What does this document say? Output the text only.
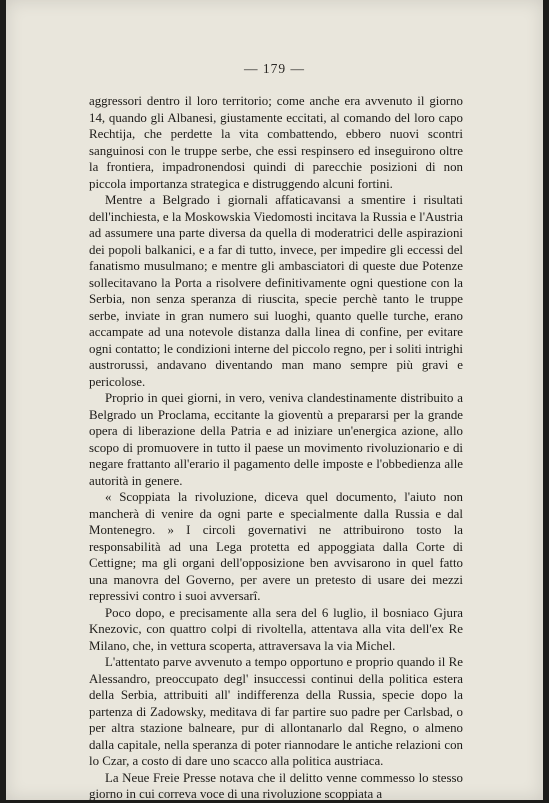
— 179 —

aggressori dentro il loro territorio; come anche era avvenuto il giorno 14, quando gli Albanesi, giustamente eccitati, al comando del loro capo Rechtija, che perdette la vita combattendo, ebbero nuovi scontri sanguinosi con le truppe serbe, che essi respinsero ed inseguirono oltre la frontiera, impadronendosi quindi di parecchie posizioni di non piccola importanza strategica e distruggendo alcuni fortini.

Mentre a Belgrado i giornali affaticavansi a smentire i risultati dell'inchiesta, e la Moskowskia Viedomosti incitava la Russia e l'Austria ad assumere una parte diversa da quella di moderatrici delle aspirazioni dei popoli balkanici, e a far di tutto, invece, per impedire gli eccessi del fanatismo musulmano; e mentre gli ambasciatori di queste due Potenze sollecitavano la Porta a risolvere definitivamente ogni questione con la Serbia, non senza speranza di riuscita, specie perchè tanto le truppe serbe, inviate in gran numero sui luoghi, quanto quelle turche, erano accampate ad una notevole distanza dalla linea di confine, per evitare ogni contatto; le condizioni interne del piccolo regno, per i soliti intrighi austrorussi, andavano diventando man mano sempre più gravi e pericolose.

Proprio in quei giorni, in vero, veniva clandestinamente distribuito a Belgrado un Proclama, eccitante la gioventù a prepararsi per la grande opera di liberazione della Patria e ad iniziare un'energica azione, allo scopo di promuovere in tutto il paese un movimento rivoluzionario e di negare frattanto all'erario il pagamento delle imposte e l'obbedienza alle autorità in genere.

« Scoppiata la rivoluzione, diceva quel documento, l'aiuto non mancherà di venire da ogni parte e specialmente dalla Russia e dal Montenegro. » I circoli governativi ne attribuirono tosto la responsabilità ad una Lega protetta ed appoggiata dalla Corte di Cettigne; ma gli organi dell'opposizione ben avvisarono in quel fatto una manovra del Governo, per avere un pretesto di usare dei mezzi repressivi contro i suoi avversarî.

Poco dopo, e precisamente alla sera del 6 luglio, il bosniaco Gjura Knezovic, con quattro colpi di rivoltella, attentava alla vita dell'ex Re Milano, che, in vettura scoperta, attraversava la via Michel.

L'attentato parve avvenuto a tempo opportuno e proprio quando il Re Alessandro, preoccupato degl' insuccessi continui della politica estera della Serbia, attribuiti all' indifferenza della Russia, specie dopo la partenza di Zadowsky, meditava di far partire suo padre per Carlsbad, o per altra stazione balneare, pur di allontanarlo dal Regno, o almeno dalla capitale, nella speranza di poter riannodare le antiche relazioni con lo Czar, a costo di dare uno scacco alla politica austriaca.

La Neue Freie Presse notava che il delitto venne commesso lo stesso giorno in cui correva voce di una rivoluzione scoppiata a
